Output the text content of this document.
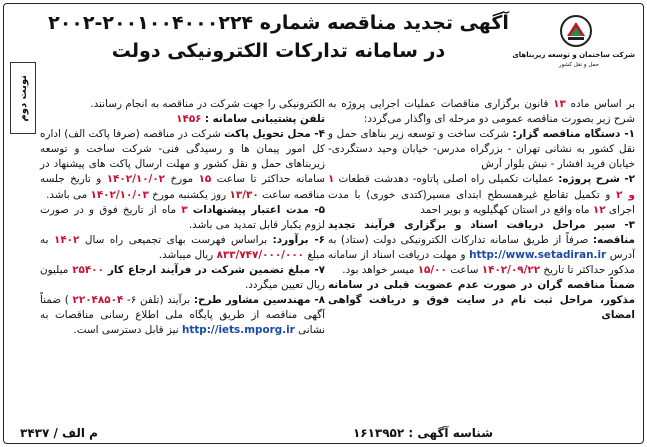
شرکت ساختمان و توسعه زیربناهای
حمل و نقل کشور
آگهی تجدید مناقصه شماره ۲۰۰۱۰۰۴۰۰۰۲۲۴-۲۰۰۲
در سامانه تدارکات الکترونیکی دولت
نوبت دوم	بر اساس ماده ۱۳ قانون برگزاری مناقصات عملیات اجرایی پروژه به شرح زیر بصورت مناقصه عمومی دو مرحله ای واگذار می‌گردد:

۱- دستگاه مناقصه گزار: شرکت ساخت و توسعه زیر بناهای حمل و نقل کشور به نشانی تهران - بزرگراه مدرس- خیابان وحید دستگردی- خیابان فرید افشار - نبش بلوار آرش

۲- شرح پروژه: عملیات تکمیلی راه اصلی پاتاوه- دهدشت قطعات ۱ و ۲ و تکمیل تقاطع غیرهمسطح ابتدای مسیر(کتدی خوری) با مدت اجرای ۱۲ ماه واقع در استان کهگیلویه و بویر احمد

۳- سیر مراحل دریافت اسناد و برگزاری فرآیند تجدید مناقصه: صرفاً از طریق سامانه تدارکات الکترونیکی دولت (ستاد) به آدرس http://www.setadiran.ir و مهلت دریافت اسناد از سامانه مذکور حداکثر تا تاریخ ۱۴۰۲/۰۹/۲۲ ساعت ۱۵/۰۰ میسر خواهد بود.

ضمناً مناقصه گران در صورت عدم عضویت قبلی در سامانه مذکور، مراحل ثبت نام در سایت فوق و دریافت گواهی امضای

الکترونیکی را جهت شرکت در مناقصه به انجام رسانند.

تلفن پشتیبانی سامانه : ۱۴۵۶

۴- محل تحویل پاکت شرکت در مناقصه (صرفا پاکت الف) اداره کل امور پیمان ها و رسیدگی فنی- شرکت ساخت و توسعه زیربناهای حمل و نقل کشور و مهلت ارسال پاکت های پیشنهاد در سامانه حداکثر تا ساعت ۱۵ مورخ ۱۴۰۲/۱۰/۰۲ و تاریخ جلسه مناقصه ساعت ۱۳/۳۰ روز یکشنبه مورخ ۱۴۰۲/۱۰/۰۳ می باشد.

۵- مدت اعتبار پیشنهادات ۳ ماه از تاریخ فوق و در صورت لزوم یکبار قابل تمدید می باشد.

۶- برآورد: براساس فهرست بهای تجمیعی راه سال ۱۴۰۲ به مبلغ ۸۳۳/۷۴۷/۰۰۰/۰۰۰ ریال میباشد.

۷- مبلغ تضمین شرکت در فرآیند ارجاع کار ۲۵۴۰۰ میلیون ریال تعیین میگردد.

۸- مهندسین مشاور طرح: برآیند (تلفن ۶- ۲۲۰۴۸۵۰۴ ) ضمناً آگهی مناقصه از طریق پایگاه ملی اطلاع رسانی مناقصات به نشانی http://iets.mporg.ir نیز قابل دسترسی است.

شناسه آگهی : ۱۶۱۳۹۵۲
م الف / ۳۴۳۷
